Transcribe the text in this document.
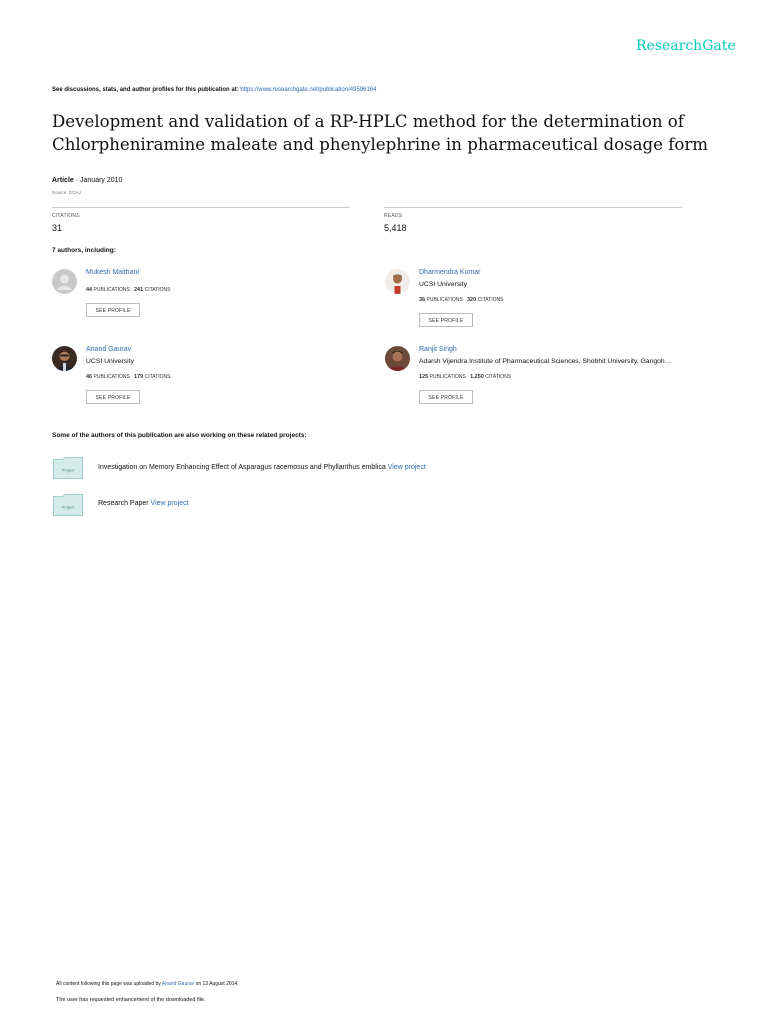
ResearchGate
See discussions, stats, and author profiles for this publication at: https://www.researchgate.net/publication/49596164
Development and validation of a RP-HPLC method for the determination of Chlorpheniramine maleate and phenylephrine in pharmaceutical dosage form
Article · January 2010
Source: DOAJ
CITATIONS
31
READS
5,418
7 authors, including:
Mukesh Maithani
44 PUBLICATIONS 241 CITATIONS
SEE PROFILE
Dharmendra Kumar
UCSI University
36 PUBLICATIONS 320 CITATIONS
SEE PROFILE
Anand Gaurav
UCSI University
46 PUBLICATIONS 179 CITATIONS
SEE PROFILE
Ranjit Singh
Adarsh Vijendra Institute of Pharmaceutical Sciences, Shobhit University, Gangoh…
125 PUBLICATIONS 1,250 CITATIONS
SEE PROFILE
Some of the authors of this publication are also working on these related projects:
Project	Investigation on Memory Enhancing Effect of Asparagus racemosus and Phyllanthus emblica View project
Project	Research Paper View project
All content following this page was uploaded by Anand Gaurav on 13 August 2014.
The user has requested enhancement of the downloaded file.
